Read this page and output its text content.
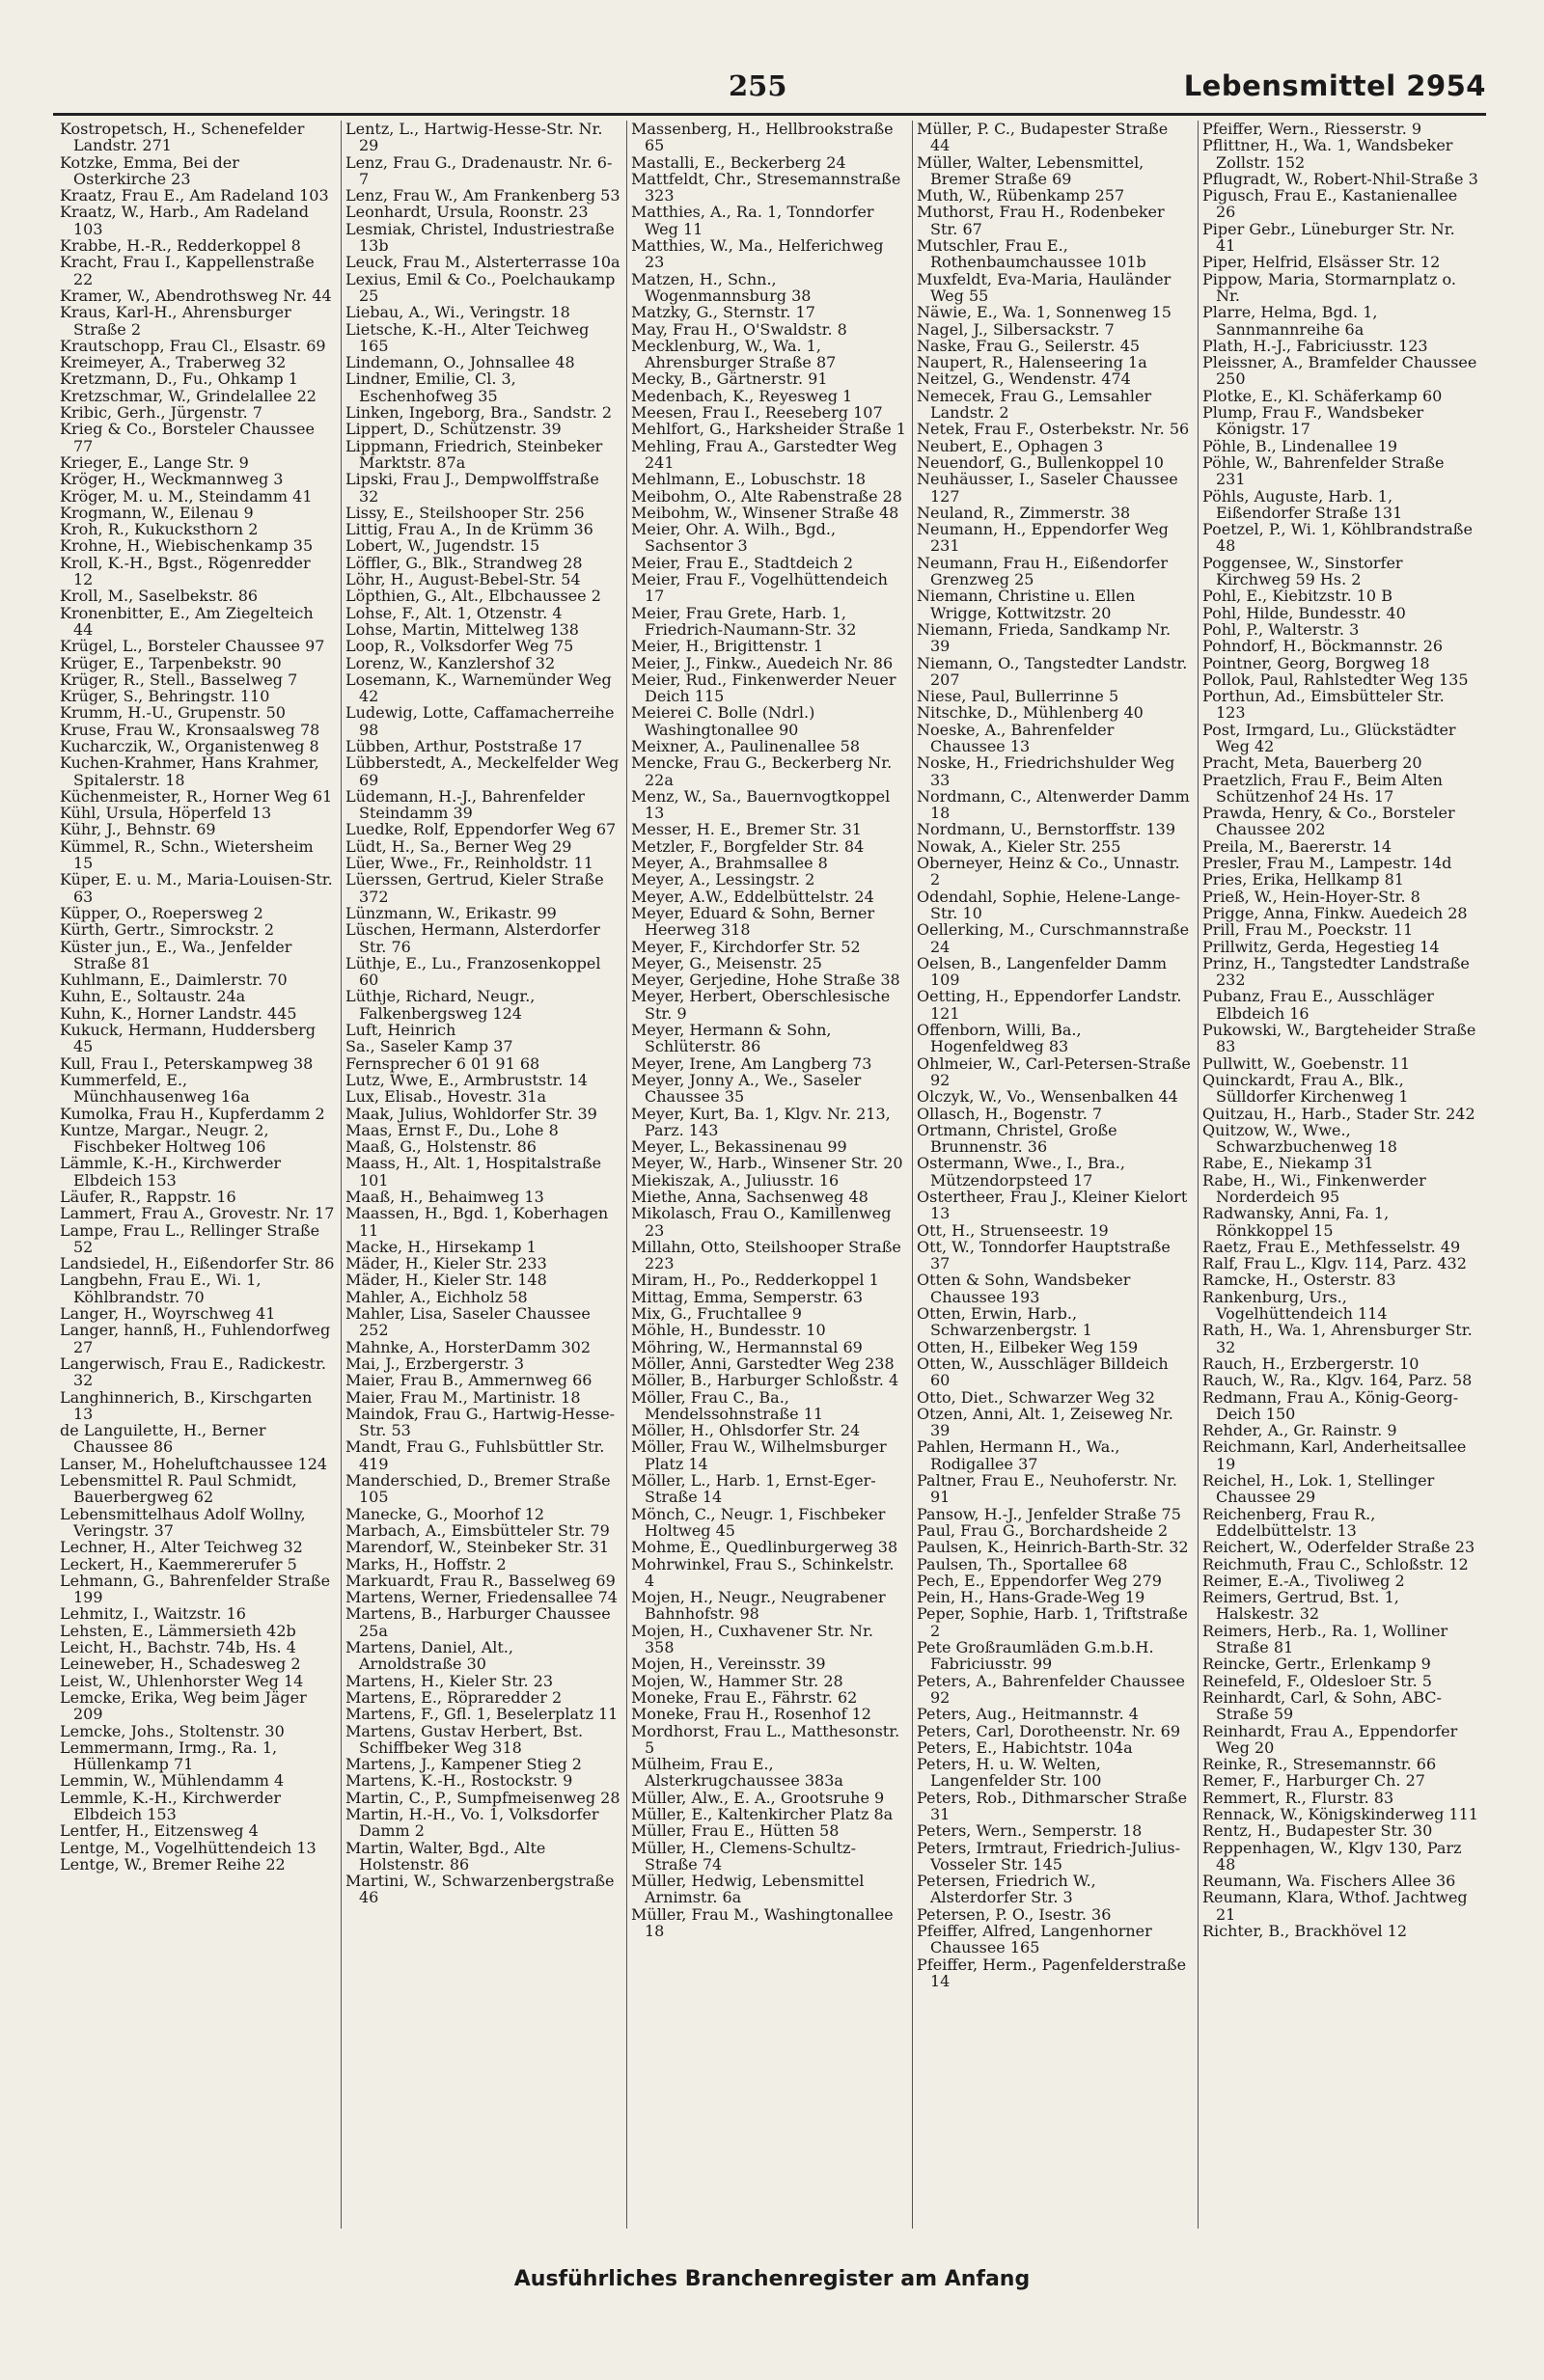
255	Lebensmittel 2954
Kostropetsch, H., Schenefelder Landstr. 271
Kotzke, Emma, Bei der Osterkirche 23
Kraatz, Frau E., Am Radeland 103
Kraatz, W., Harb., Am Radeland 103
Krabbe, H.-R., Redderkoppel 8
Kracht, Frau I., Kappellenstraße 22
Kramer, W., Abendrothsweg Nr. 44
Kraus, Karl-H., Ahrensburger Straße 2
Krautschopp, Frau Cl., Elsastr. 69
Kreimeyer, A., Traberweg 32
Kretzmann, D., Fu., Ohkamp 1
Kretzschmar, W., Grindelallee 22
Kribic, Gerh., Jürgenstr. 7
Krieg & Co., Borsteler Chaussee 77
Krieger, E., Lange Str. 9
Kröger, H., Weckmannweg 3
Kröger, M. u. M., Steindamm 41
Krogmann, W., Eilenau 9
Kroh, R., Kukucksthorn 2
Krohne, H., Wiebischenkamp 35
Kroll, K.-H., Bgst., Rögenredder 12
Kroll, M., Saselbekstr. 86
Kronenbitter, E., Am Ziegelteich 44
Krügel, L., Borsteler Chaussee 97
Krüger, E., Tarpenbekstr. 90
Krüger, R., Stell., Basselweg 7
Krüger, S., Behringstr. 110
Krumm, H.-U., Grupenstr. 50
Kruse, Frau W., Kronsaalsweg 78
Kucharczik, W., Organistenweg 8
Kuchen-Krahmer, Hans Krahmer, Spitalerstr. 18
Küchenmeister, R., Horner Weg 61
Kühl, Ursula, Höperfeld 13
Kühr, J., Behnstr. 69
Kümmel, R., Schn., Wietersheim 15
Küper, E. u. M., Maria-Louisen-Str. 63
Küpper, O., Roepersweg 2
Kürth, Gertr., Simrockstr. 2
Küster jun., E., Wa., Jenfelder Straße 81
Kuhlmann, E., Daimlerstr. 70
Kuhn, E., Soltaustr. 24a
Kuhn, K., Horner Landstr. 445
Kukuck, Hermann, Huddersberg 45
Kull, Frau I., Peterskampweg 38
Kummerfeld, E., Münchhausenweg 16a
Kumolka, Frau H., Kupferdamm 2
Kuntze, Margar., Neugr. 2, Fischbeker Holtweg 106
Lämmle, K.-H., Kirchwerder Elbdeich 153
Läufer, R., Rappstr. 16
Lammert, Frau A., Grovestr. Nr. 17
Lampe, Frau L., Rellinger Straße 52
Landsiedel, H., Eißendorfer Str. 86
Langbehn, Frau E., Wi. 1, Köhlbrandstr. 70
Langer, H., Woyrschweg 41
Langer, hannß, H., Fuhlendorfweg 27
Langerwisch, Frau E., Radickestr. 32
Langhinnerich, B., Kirschgarten 13
de Languilette, H., Berner Chaussee 86
Lanser, M., Hoheluftchaussee 124
Lebensmittel R. Paul Schmidt, Bauerbergweg 62
Lebensmittelhaus Adolf Wollny, Veringstr. 37
Lechner, H., Alter Teichweg 32
Leckert, H., Kaemmererufer 5
Lehmann, G., Bahrenfelder Straße 199
Lehmitz, I., Waitzstr. 16
Lehsten, E., Lämmersieth 42b
Leicht, H., Bachstr. 74b, Hs. 4
Leineweber, H., Schadesweg 2
Leist, W., Uhlenhorster Weg 14
Lemcke, Erika, Weg beim Jäger 209
Lemcke, Johs., Stoltenstr. 30
Lemmermann, Irmg., Ra. 1, Hüllenkamp 71
Lemmin, W., Mühlendamm 4
Lemmle, K.-H., Kirchwerder Elbdeich 153
Lentfer, H., Eitzensweg 4
Lentge, M., Vogelhüttendeich 13
Lentge, W., Bremer Reihe 22
Lentz, L., Hartwig-Hesse-Str. Nr. 29
Lenz, Frau G., Dradenaustr. Nr. 6-7
Lenz, Frau W., Am Frankenberg 53
Leonhardt, Ursula, Roonstr. 23
Lesmiak, Christel, Industriestraße 13b
Leuck, Frau M., Alsterterrasse 10a
Lexius, Emil & Co., Poelchaukamp 25
Liebau, A., Wi., Veringstr. 18
Lietsche, K.-H., Alter Teichweg 165
Lindemann, O., Johnsallee 48
Lindner, Emilie, Cl. 3, Eschenhofweg 35
Linken, Ingeborg, Bra., Sandstr. 2
Lippert, D., Schützenstr. 39
Lippmann, Friedrich, Steinbeker Marktstr. 87a
Lipski, Frau J., Dempwolffstraße 32
Lissy, E., Steilshooper Str. 256
Littig, Frau A., In de Krümm 36
Lobert, W., Jugendstr. 15
Löffler, G., Blk., Strandweg 28
Löhr, H., August-Bebel-Str. 54
Löpthien, G., Alt., Elbchaussee 2
Lohse, F., Alt. 1, Otzenstr. 4
Lohse, Martin, Mittelweg 138
Loop, R., Volksdorfer Weg 75
Lorenz, W., Kanzlershof 32
Losemann, K., Warnemünder Weg 42
Ludewig, Lotte, Caffamacherreihe 98
Lübben, Arthur, Poststraße 17
Lübberstedt, A., Meckelfelder Weg 69
Lüdemann, H.-J., Bahrenfelder Steindamm 39
Luedke, Rolf, Eppendorfer Weg 67
Lüdt, H., Sa., Berner Weg 29
Lüer, Wwe., Fr., Reinholdstr. 11
Lüerssen, Gertrud, Kieler Straße 372
Lünzmann, W., Erikastr. 99
Lüschen, Hermann, Alsterdorfer Str. 76
Lüthje, E., Lu., Franzosenkoppel 60
Lüthje, Richard, Neugr., Falkenbergsweg 124
Luft, Heinrich
Sa., Saseler Kamp 37
Fernsprecher 6 01 91 68
Lutz, Wwe, E., Armbruststr. 14
Lux, Elisab., Hovestr. 31a
Maak, Julius, Wohldorfer Str. 39
Maas, Ernst F., Du., Lohe 8
Maaß, G., Holstenstr. 86
Maass, H., Alt. 1, Hospitalstraße 101
Maaß, H., Behaimweg 13
Maassen, H., Bgd. 1, Koberhagen 11
Macke, H., Hirsekamp 1
Mäder, H., Kieler Str. 233
Mäder, H., Kieler Str. 148
Mahler, A., Eichholz 58
Mahler, Lisa, Saseler Chaussee 252
Mahnke, A., HorsterDamm 302
Mai, J., Erzbergerstr. 3
Maier, Frau B., Ammernweg 66
Maier, Frau M., Martinistr. 18
Maindok, Frau G., Hartwig-Hesse-Str. 53
Mandt, Frau G., Fuhlsbüttler Str. 419
Manderschied, D., Bremer Straße 105
Manecke, G., Moorhof 12
Marbach, A., Eimsbütteler Str. 79
Marendorf, W., Steinbeker Str. 31
Marks, H., Hoffstr. 2
Markuardt, Frau R., Basselweg 69
Martens, Werner, Friedensallee 74
Martens, B., Harburger Chaussee 25a
Martens, Daniel, Alt., Arnoldstraße 30
Martens, H., Kieler Str. 23
Martens, E., Röpraredder 2
Martens, F., Gfl. 1, Beselerplatz 11
Martens, Gustav Herbert, Bst. Schiffbeker Weg 318
Martens, J., Kampener Stieg 2
Martens, K.-H., Rostockstr. 9
Martin, C., P., Sumpfmeisenweg 28
Martin, H.-H., Vo. 1, Volksdorfer Damm 2
Martin, Walter, Bgd., Alte Holstenstr. 86
Martini, W., Schwarzenbergstraße 46
Massenberg, H., Hellbrookstraße 65
Mastalli, E., Beckerberg 24
Mattfeldt, Chr., Stresemannstraße 323
Matthies, A., Ra. 1, Tonndorfer Weg 11
Matthies, W., Ma., Helferichweg 23
Matzen, H., Schn., Wogenmannsburg 38
Matzky, G., Sternstr. 17
May, Frau H., O'Swaldstr. 8
Mecklenburg, W., Wa. 1, Ahrensburger Straße 87
Mecky, B., Gärtnerstr. 91
Medenbach, K., Reyesweg 1
Meesen, Frau I., Reeseberg 107
Mehlfort, G., Harksheider Straße 1
Mehling, Frau A., Garstedter Weg 241
Mehlmann, E., Lobuschstr. 18
Meibohm, O., Alte Rabenstraße 28
Meibohm, W., Winsener Straße 48
Meier, Ohr. A. Wilh., Bgd., Sachsentor 3
Meier, Frau E., Stadtdeich 2
Meier, Frau F., Vogelhüttendeich 17
Meier, Frau Grete, Harb. 1, Friedrich-Naumann-Str. 32
Meier, H., Brigittenstr. 1
Meier, J., Finkw., Auedeich Nr. 86
Meier, Rud., Finkenwerder Neuer Deich 115
Meierei C. Bolle (Ndrl.) Washingtonallee 90
Meixner, A., Paulinenallee 58
Mencke, Frau G., Beckerberg Nr. 22a
Menz, W., Sa., Bauernvogtkoppel 13
Messer, H. E., Bremer Str. 31
Metzler, F., Borgfelder Str. 84
Meyer, A., Brahmsallee 8
Meyer, A., Lessingstr. 2
Meyer, A.W., Eddelbüttelstr. 24
Meyer, Eduard & Sohn, Berner Heerweg 318
Meyer, F., Kirchdorfer Str. 52
Meyer, G., Meisenstr. 25
Meyer, Gerjedine, Hohe Straße 38
Meyer, Herbert, Oberschlesische Str. 9
Meyer, Hermann & Sohn, Schlüterstr. 86
Meyer, Irene, Am Langberg 73
Meyer, Jonny A., We., Saseler Chaussee 35
Meyer, Kurt, Ba. 1, Klgv. Nr. 213, Parz. 143
Meyer, L., Bekassinenau 99
Meyer, W., Harb., Winsener Str. 20
Miekiszak, A., Juliusstr. 16
Miethe, Anna, Sachsenweg 48
Mikolasch, Frau O., Kamillenweg 23
Millahn, Otto, Steilshooper Straße 223
Miram, H., Po., Redderkoppel 1
Mittag, Emma, Semperstr. 63
Mix, G., Fruchtallee 9
Möhle, H., Bundesstr. 10
Möhring, W., Hermannstal 69
Möller, Anni, Garstedter Weg 238
Möller, B., Harburger Schloßstr. 4
Möller, Frau C., Ba., Mendelssohnstraße 11
Möller, H., Ohlsdorfer Str. 24
Möller, Frau W., Wilhelmsburger Platz 14
Möller, L., Harb. 1, Ernst-Eger-Straße 14
Mönch, C., Neugr. 1, Fischbeker Holtweg 45
Mohme, E., Quedlinburgerweg 38
Mohrwinkel, Frau S., Schinkelstr. 4
Mojen, H., Neugr., Neugrabener Bahnhofstr. 98
Mojen, H., Cuxhavener Str. Nr. 358
Mojen, H., Vereinsstr. 39
Mojen, W., Hammer Str. 28
Moneke, Frau E., Fährstr. 62
Moneke, Frau H., Rosenhof 12
Mordhorst, Frau L., Matthesonstr. 5
Mülheim, Frau E., Alsterkrugchaussee 383a
Müller, Alw., E. A., Grootsruhe 9
Müller, E., Kaltenkircher Platz 8a
Müller, Frau E., Hütten 58
Müller, H., Clemens-Schultz-Straße 74
Müller, Hedwig, Lebensmittel Arnimstr. 6a
Müller, Frau M., Washingtonallee 18
Müller, P. C., Budapester Straße 44
Müller, Walter, Lebensmittel, Bremer Straße 69
Muth, W., Rübenkamp 257
Muthorst, Frau H., Rodenbeker Str. 67
Mutschler, Frau E., Rothenbaumchaussee 101b
Muxfeldt, Eva-Maria, Hauländer Weg 55
Näwie, E., Wa. 1, Sonnenweg 15
Nagel, J., Silbersackstr. 7
Naske, Frau G., Seilerstr. 45
Naupert, R., Halenseering 1a
Neitzel, G., Wendenstr. 474
Nemecek, Frau G., Lemsahler Landstr. 2
Netek, Frau F., Osterbekstr. Nr. 56
Neubert, E., Ophagen 3
Neuendorf, G., Bullenkoppel 10
Neuhäusser, I., Saseler Chaussee 127
Neuland, R., Zimmerstr. 38
Neumann, H., Eppendorfer Weg 231
Neumann, Frau H., Eißendorfer Grenzweg 25
Niemann, Christine u. Ellen Wrigge, Kottwitzstr. 20
Niemann, Frieda, Sandkamp Nr. 39
Niemann, O., Tangstedter Landstr. 207
Niese, Paul, Bullerrinne 5
Nitschke, D., Mühlenberg 40
Noeske, A., Bahrenfelder Chaussee 13
Noske, H., Friedrichshulder Weg 33
Nordmann, C., Altenwerder Damm 18
Nordmann, U., Bernstorffstr. 139
Nowak, A., Kieler Str. 255
Oberneyer, Heinz & Co., Unnastr. 2
Odendahl, Sophie, Helene-Lange-Str. 10
Oellerking, M., Curschmannstraße 24
Oelsen, B., Langenfelder Damm 109
Oetting, H., Eppendorfer Landstr. 121
Offenborn, Willi, Ba., Hogenfeldweg 83
Ohlmeier, W., Carl-Petersen-Straße 92
Olczyk, W., Vo., Wensenbalken 44
Ollasch, H., Bogenstr. 7
Ortmann, Christel, Große Brunnenstr. 36
Ostermann, Wwe., I., Bra., Mützendorpsteed 17
Ostertheer, Frau J., Kleiner Kielort 13
Ott, H., Struenseestr. 19
Ott, W., Tonndorfer Hauptstraße 37
Otten & Sohn, Wandsbeker Chaussee 193
Otten, Erwin, Harb., Schwarzenbergstr. 1
Otten, H., Eilbeker Weg 159
Otten, W., Ausschläger Billdeich 60
Otto, Diet., Schwarzer Weg 32
Otzen, Anni, Alt. 1, Zeiseweg Nr. 39
Pahlen, Hermann H., Wa., Rodigallee 37
Paltner, Frau E., Neuhoferstr. Nr. 91
Pansow, H.-J., Jenfelder Straße 75
Paul, Frau G., Borchardsheide 2
Paulsen, K., Heinrich-Barth-Str. 32
Paulsen, Th., Sportallee 68
Pech, E., Eppendorfer Weg 279
Pein, H., Hans-Grade-Weg 19
Peper, Sophie, Harb. 1, Triftstraße 2
Pete Großraumläden G.m.b.H. Fabriciusstr. 99
Peters, A., Bahrenfelder Chaussee 92
Peters, Aug., Heitmannstr. 4
Peters, Carl, Dorotheenstr. Nr. 69
Peters, E., Habichtstr. 104a
Peters, H. u. W. Welten, Langenfelder Str. 100
Peters, Rob., Dithmarscher Straße 31
Peters, Wern., Semperstr. 18
Peters, Irmtraut, Friedrich-Julius-Vosseler Str. 145
Petersen, Friedrich W., Alsterdorfer Str. 3
Petersen, P. O., Isestr. 36
Pfeiffer, Alfred, Langenhorner Chaussee 165
Pfeiffer, Herm., Pagenfelderstraße 14
Pfeiffer, Wern., Riesserstr. 9
Pflittner, H., Wa. 1, Wandsbeker Zollstr. 152
Pflugradt, W., Robert-Nhil-Straße 3
Pigusch, Frau E., Kastanienallee 26
Piper Gebr., Lüneburger Str. Nr. 41
Piper, Helfrid, Elsässer Str. 12
Pippow, Maria, Stormarnplatz o. Nr.
Plarre, Helma, Bgd. 1, Sannmannreihe 6a
Plath, H.-J., Fabriciusstr. 123
Pleissner, A., Bramfelder Chaussee 250
Plotke, E., Kl. Schäferkamp 60
Plump, Frau F., Wandsbeker Königstr. 17
Pöhle, B., Lindenallee 19
Pöhle, W., Bahrenfelder Straße 231
Pöhls, Auguste, Harb. 1, Eißendorfer Straße 131
Poetzel, P., Wi. 1, Köhlbrandstraße 48
Poggensee, W., Sinstorfer Kirchweg 59 Hs. 2
Pohl, E., Kiebitzstr. 10 B
Pohl, Hilde, Bundesstr. 40
Pohl, P., Walterstr. 3
Pohndorf, H., Böckmannstr. 26
Pointner, Georg, Borgweg 18
Pollok, Paul, Rahlstedter Weg 135
Porthun, Ad., Eimsbütteler Str. 123
Post, Irmgard, Lu., Glückstädter Weg 42
Pracht, Meta, Bauerberg 20
Praetzlich, Frau F., Beim Alten Schützenhof 24 Hs. 17
Prawda, Henry, & Co., Borsteler Chaussee 202
Preila, M., Baererstr. 14
Presler, Frau M., Lampestr. 14d
Pries, Erika, Hellkamp 81
Prieß, W., Hein-Hoyer-Str. 8
Prigge, Anna, Finkw. Auedeich 28
Prill, Frau M., Poeckstr. 11
Prillwitz, Gerda, Hegestieg 14
Prinz, H., Tangstedter Landstraße 232
Pubanz, Frau E., Ausschläger Elbdeich 16
Pukowski, W., Bargteheider Straße 83
Pullwitt, W., Goebenstr. 11
Quinckardt, Frau A., Blk., Sülldorfer Kirchenweg 1
Quitzau, H., Harb., Stader Str. 242
Quitzow, W., Wwe., Schwarzbuchenweg 18
Rabe, E., Niekamp 31
Rabe, H., Wi., Finkenwerder Norderdeich 95
Radwansky, Anni, Fa. 1, Rönkkoppel 15
Raetz, Frau E., Methfesselstr. 49
Ralf, Frau L., Klgv. 114, Parz. 432
Ramcke, H., Osterstr. 83
Rankenburg, Urs., Vogelhüttendeich 114
Rath, H., Wa. 1, Ahrensburger Str. 32
Rauch, H., Erzbergerstr. 10
Rauch, W., Ra., Klgv. 164, Parz. 58
Redmann, Frau A., König-Georg-Deich 150
Rehder, A., Gr. Rainstr. 9
Reichmann, Karl, Anderheitsallee 19
Reichel, H., Lok. 1, Stellinger Chaussee 29
Reichenberg, Frau R., Eddelbüttelstr. 13
Reichert, W., Oderfelder Straße 23
Reichmuth, Frau C., Schloßstr. 12
Reimer, E.-A., Tivoliweg 2
Reimers, Gertrud, Bst. 1, Halskestr. 32
Reimers, Herb., Ra. 1, Wolliner Straße 81
Reincke, Gertr., Erlenkamp 9
Reinefeld, F., Oldesloer Str. 5
Reinhardt, Carl, & Sohn, ABC-Straße 59
Reinhardt, Frau A., Eppendorfer Weg 20
Reinke, R., Stresemannstr. 66
Remer, F., Harburger Ch. 27
Remmert, R., Flurstr. 83
Rennack, W., Königskinderweg 111
Rentz, H., Budapester Str. 30
Reppenhagen, W., Klgv 130, Parz 48
Reumann, Wa. Fischers Allee 36
Reumann, Klara, Wthof. Jachtweg 21
Richter, B., Brackhövel 12
Ausführliches Branchenregister am Anfang
